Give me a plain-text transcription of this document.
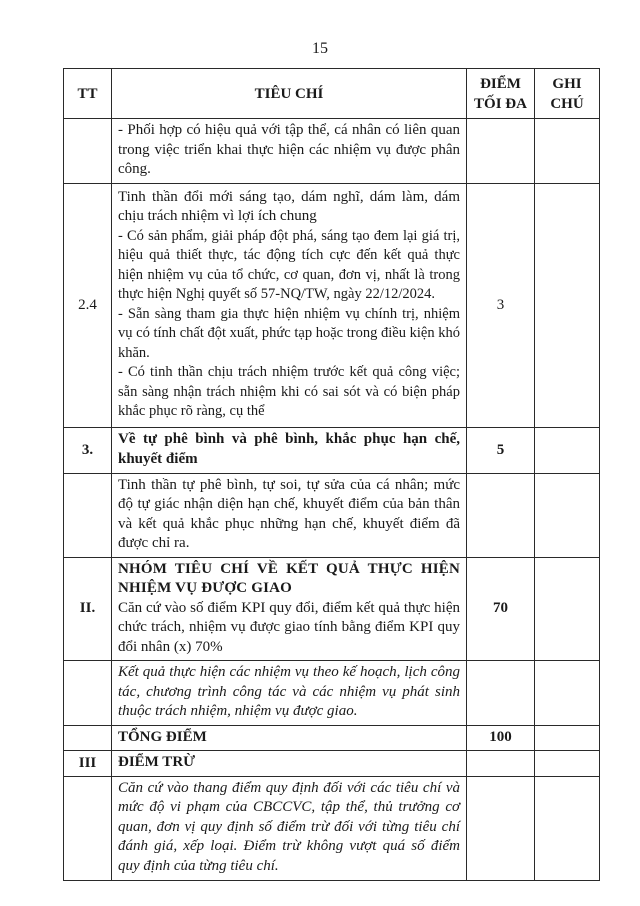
15
TT	TIÊU CHÍ	ĐIỂM TỐI ĐA	GHI CHÚ
	- Phối hợp có hiệu quả với tập thể, cá nhân có liên quan trong việc triển khai thực hiện các nhiệm vụ được phân công.		
2.4	Tinh thần đổi mới sáng tạo, dám nghĩ, dám làm, dám chịu trách nhiệm vì lợi ích chung

- Có sản phẩm, giải pháp đột phá, sáng tạo đem lại giá trị, hiệu quả thiết thực, tác động tích cực đến kết quả thực hiện nhiệm vụ của tổ chức, cơ quan, đơn vị, nhất là trong thực hiện Nghị quyết số 57-NQ/TW, ngày 22/12/2024.

- Sẵn sàng tham gia thực hiện nhiệm vụ chính trị, nhiệm vụ có tính chất đột xuất, phức tạp hoặc trong điều kiện khó khăn.

- Có tinh thần chịu trách nhiệm trước kết quả công việc; sẵn sàng nhận trách nhiệm khi có sai sót và có biện pháp khắc phục rõ ràng, cụ thể	3	
3.	Về tự phê bình và phê bình, khắc phục hạn chế, khuyết điểm	5	
	Tinh thần tự phê bình, tự soi, tự sửa của cá nhân; mức độ tự giác nhận diện hạn chế, khuyết điểm của bản thân và kết quả khắc phục những hạn chế, khuyết điểm đã được chỉ ra.		
II.	NHÓM TIÊU CHÍ VỀ KẾT QUẢ THỰC HIỆN NHIỆM VỤ ĐƯỢC GIAO

Căn cứ vào số điểm KPI quy đổi, điểm kết quả thực hiện chức trách, nhiệm vụ được giao tính bằng điểm KPI quy đổi nhân (x) 70%	70	
	Kết quả thực hiện các nhiệm vụ theo kế hoạch, lịch công tác, chương trình công tác và các nhiệm vụ phát sinh thuộc trách nhiệm, nhiệm vụ được giao.		
	TỔNG ĐIỂM	100	
III	ĐIỂM TRỪ		
	Căn cứ vào thang điểm quy định đối với các tiêu chí và mức độ vi phạm của CBCCVC, tập thể, thủ trưởng cơ quan, đơn vị quy định số điểm trừ đối với từng tiêu chí đánh giá, xếp loại. Điểm trừ không vượt quá số điểm quy định của từng tiêu chí.		
